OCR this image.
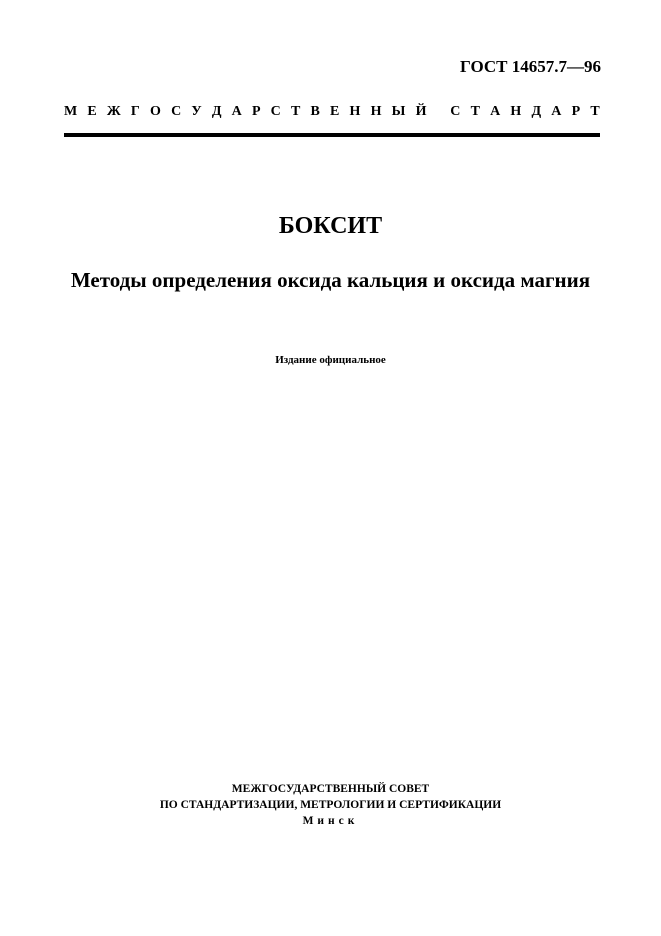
ГОСТ 14657.7—96
М Е Ж Г О С У Д А Р С Т В Е Н Н Ы Й
С Т А Н Д А Р Т
БОКСИТ
Методы определения оксида кальция и оксида магния
Издание официальное
МЕЖГОСУДАРСТВЕННЫЙ СОВЕТ
ПО СТАНДАРТИЗАЦИИ, МЕТРОЛОГИИ И СЕРТИФИКАЦИИ
Минск
